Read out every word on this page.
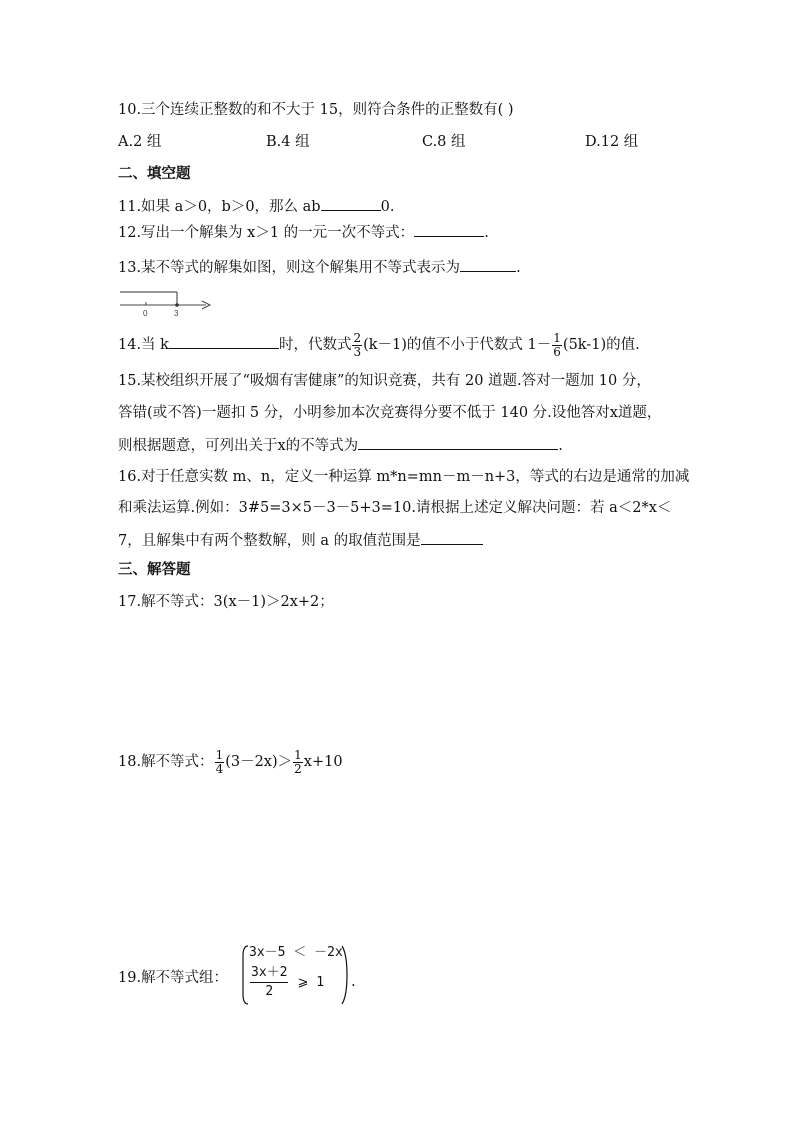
10.三个连续正整数的和不大于 15，则符合条件的正整数有( )
A.2 组	B.4 组	C.8 组	D.12 组
二、填空题
11.如果 a＞0，b＞0，那么 ab	0.
12.写出一个解集为 x＞1 的一元一次不等式：	.
13.某不等式的解集如图，则这个解集用不等式表示为	.
0	3
14.当 k	时，代数式 $\frac{2}{3} (k-1)$的值不小于代数式 $1- \frac{1}{6} (5k-1)$的值.
15.某校组织开展了“吸烟有害健康”的知识竞赛，共有 20 道题.答对一题加 10 分，
答错(或不答)一题扣 5 分，小明参加本次竞赛得分要不低于 140 分.设他答对x道题，
则根据题意，可列出关于x的不等式为	.
16.对于任意实数 m、n，定义一种运算 m*n=mn－m－n+3，等式的右边是通常的加减
和乘法运算.例如：3#5=3×5－3－5+3=10.请根据上述定义解决问题：若 a＜2*x＜
7，且解集中有两个整数解，则 a 的取值范围是
三、解答题
17.解不等式：3(x－1)＞2x+2；
18.解不等式： $\frac{1}{4} (3-2x)> \frac{1}{2} x+10$
19.解不等式组：
3x－5 ＜ －2x
$\frac{3x+2}{2}$ ⩾ 1 .
